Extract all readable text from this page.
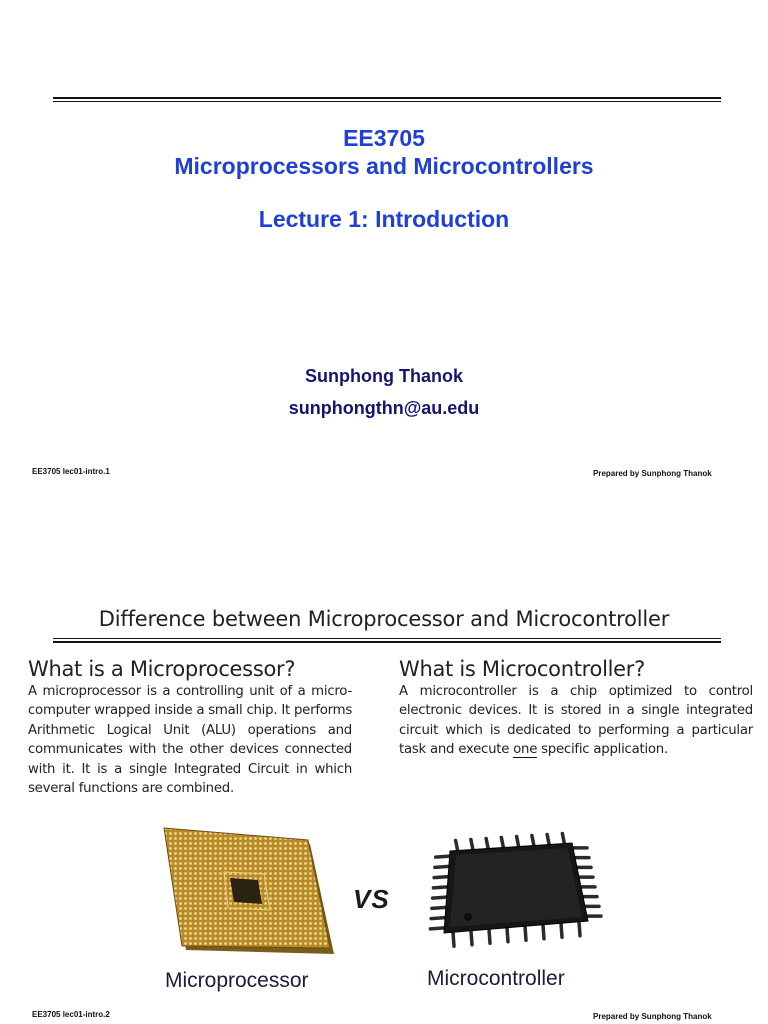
EE3705
Microprocessors and Microcontrollers
Lecture 1: Introduction
Sunphong Thanok
sunphongthn@au.edu
EE3705 lec01-intro.1	Prepared by Sunphong Thanok
Difference between Microprocessor and Microcontroller
What is a Microprocessor?
A microprocessor is a controlling unit of a micro-computer wrapped inside a small chip. It performs Arithmetic Logical Unit (ALU) operations and communicates with the other devices connected with it. It is a single Integrated Circuit in which several functions are combined.
What is Microcontroller?
A microcontroller is a chip optimized to control electronic devices. It is stored in a single integrated circuit which is dedicated to performing a particular task and execute one specific application.
VS
Microprocessor	Microcontroller
EE3705 lec01-intro.2	Prepared by Sunphong Thanok
